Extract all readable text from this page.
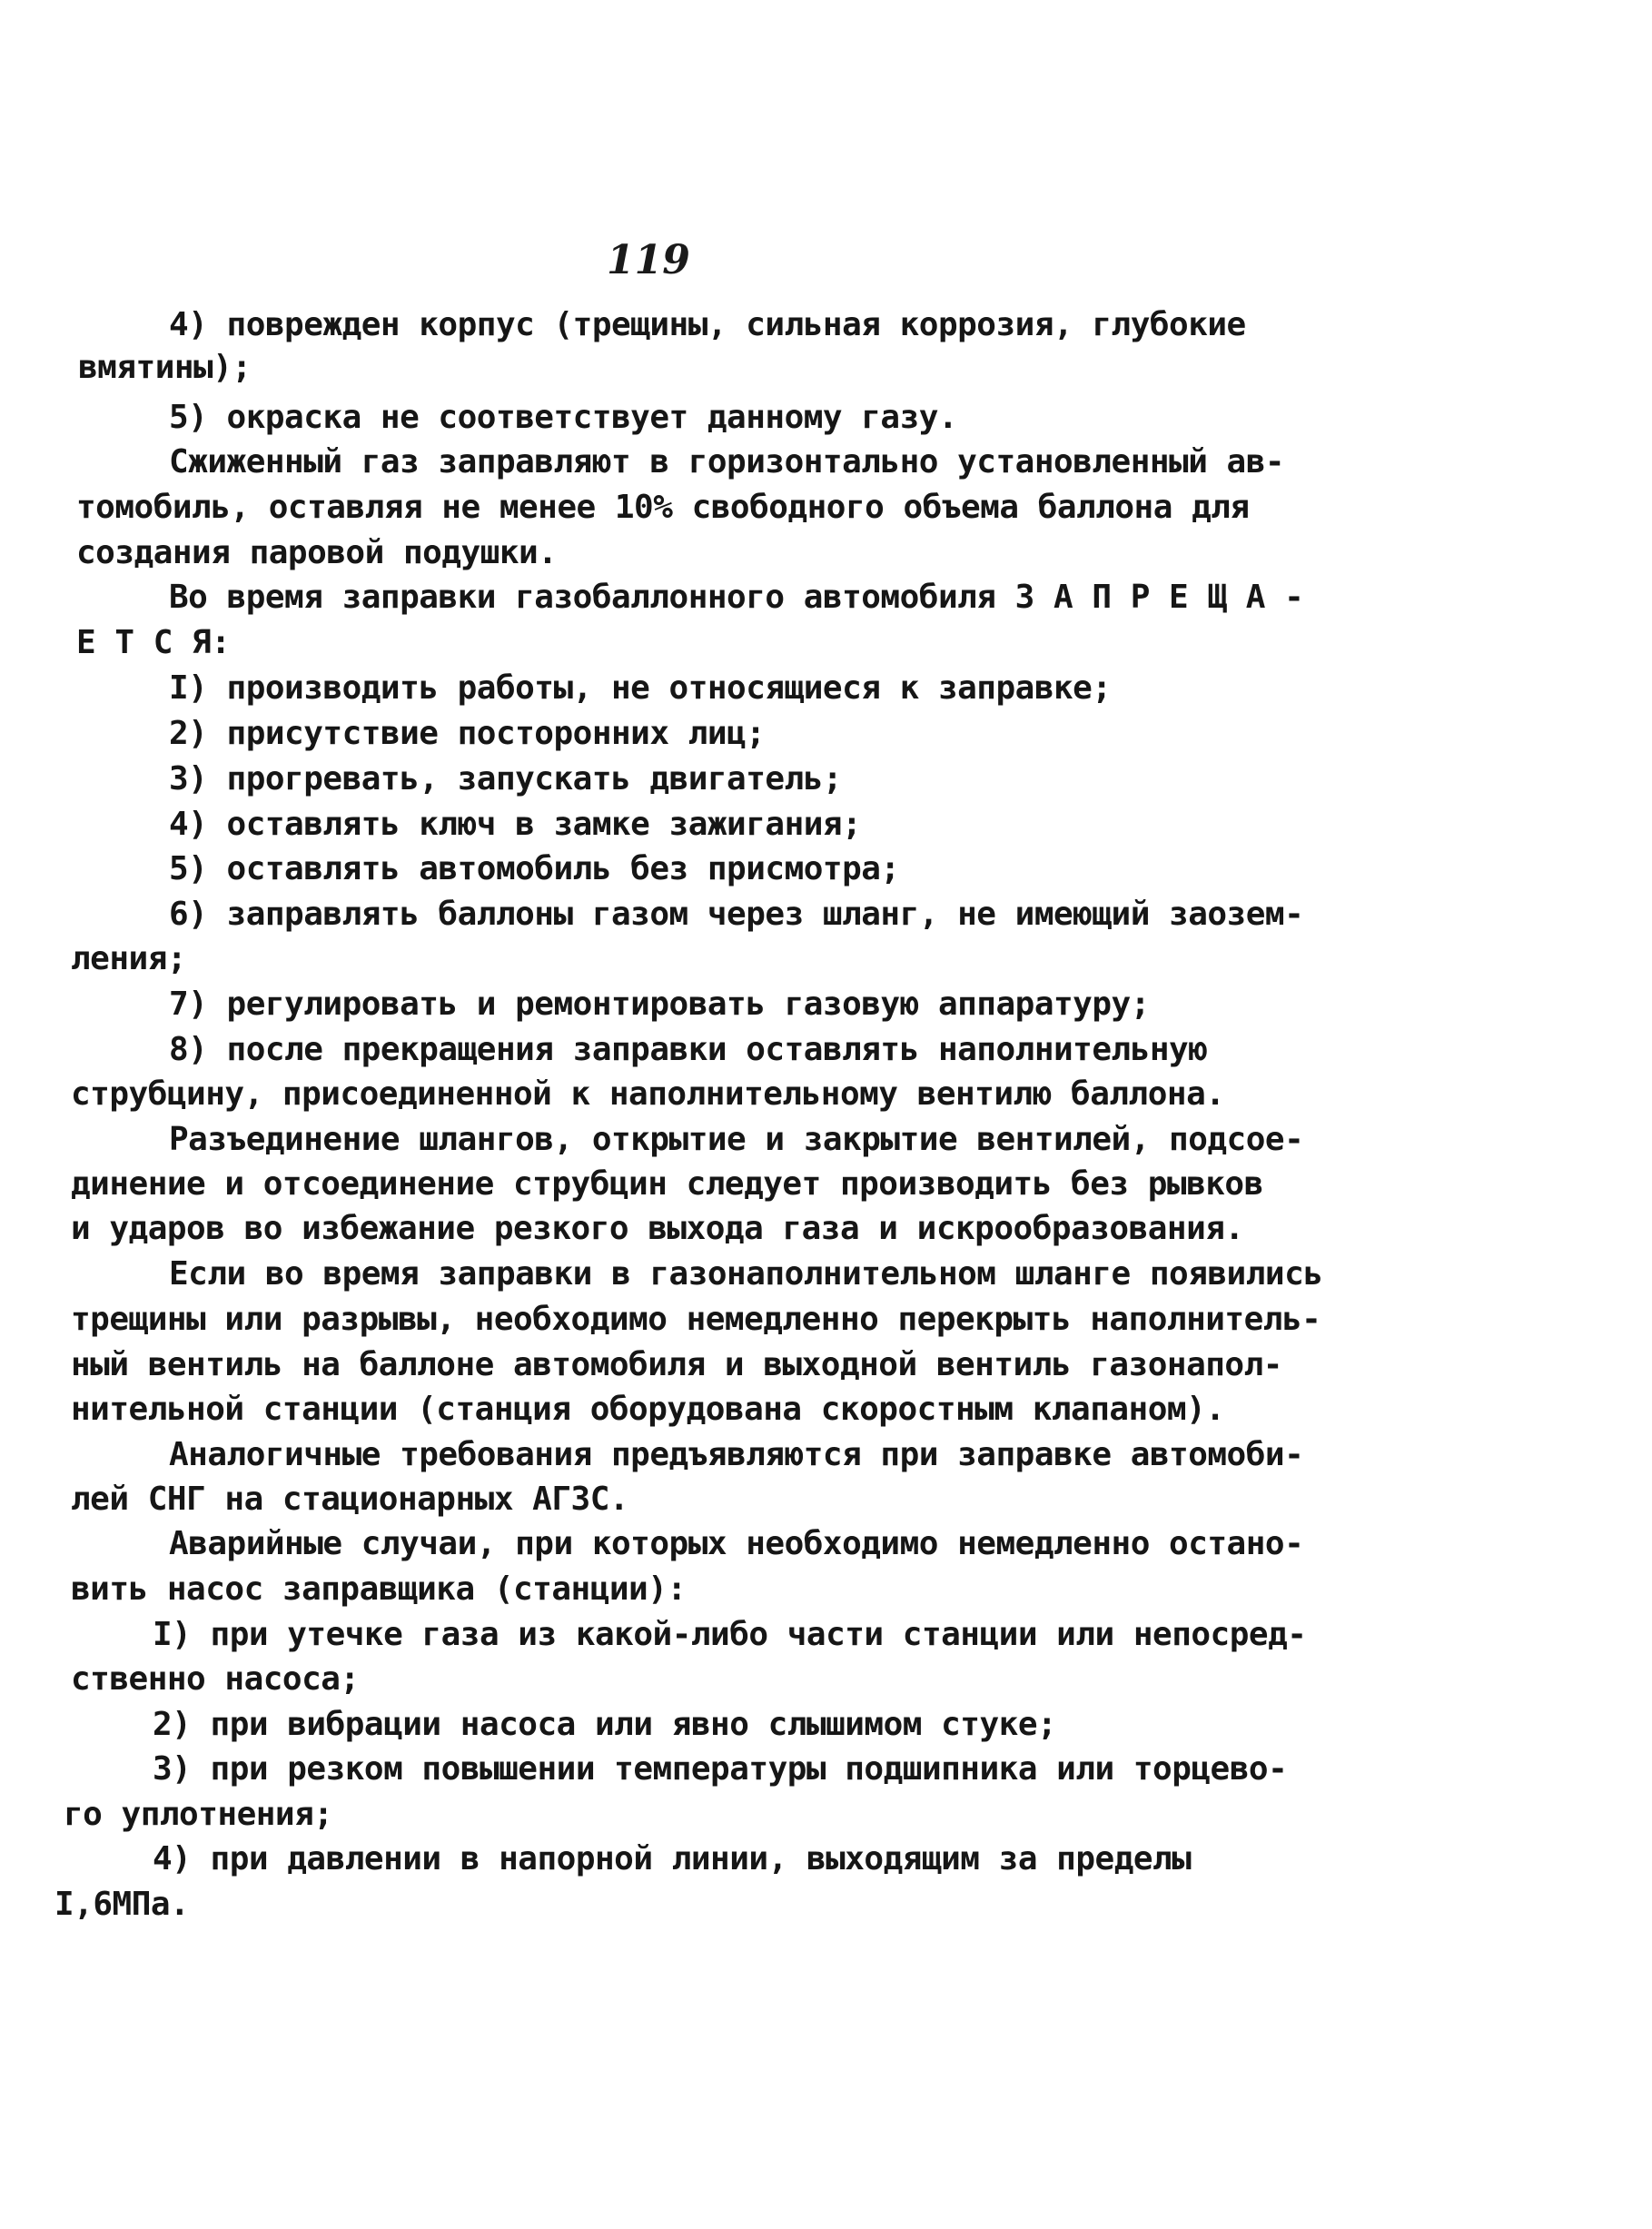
119
4) поврежден корпус (трещины, сильная коррозия, глубокие
вмятины);
5) окраска не соответствует данному газу.
Сжиженный газ заправляют в горизонтально установленный ав-
томобиль, оставляя не менее 10% свободного объема баллона для
создания паровой подушки.
Во время заправки газобаллонного автомобиля З А П Р Е Щ А -
Е Т С Я:
I) производить работы, не относящиеся к заправке;
2) присутствие посторонних лиц;
3) прогревать, запускать двигатель;
4) оставлять ключ в замке зажигания;
5) оставлять автомобиль без присмотра;
6) заправлять баллоны газом через шланг, не имеющий заозем-
ления;
7) регулировать и ремонтировать газовую аппаратуру;
8) после прекращения заправки оставлять наполнительную
струбцину, присоединенной к наполнительному вентилю баллона.
Разъединение шлангов, открытие и закрытие вентилей, подсое-
динение и отсоединение струбцин следует производить без рывков
и ударов во избежание резкого выхода газа и искрообразования.
Если во время заправки в газонаполнительном шланге появились
трещины или разрывы, необходимо немедленно перекрыть наполнитель-
ный вентиль на баллоне автомобиля и выходной вентиль газонапол-
нительной станции (станция оборудована скоростным клапаном).
Аналогичные требования предъявляются при заправке автомоби-
лей СНГ на стационарных АГЗС.
Аварийные случаи, при которых необходимо немедленно остано-
вить насос заправщика (станции):
I) при утечке газа из какой-либо части станции или непосред-
ственно насоса;
2) при вибрации насоса или явно слышимом стуке;
3) при резком повышении температуры подшипника или торцево-
го уплотнения;
4) при давлении в напорной линии, выходящим за пределы
I,6МПа.
